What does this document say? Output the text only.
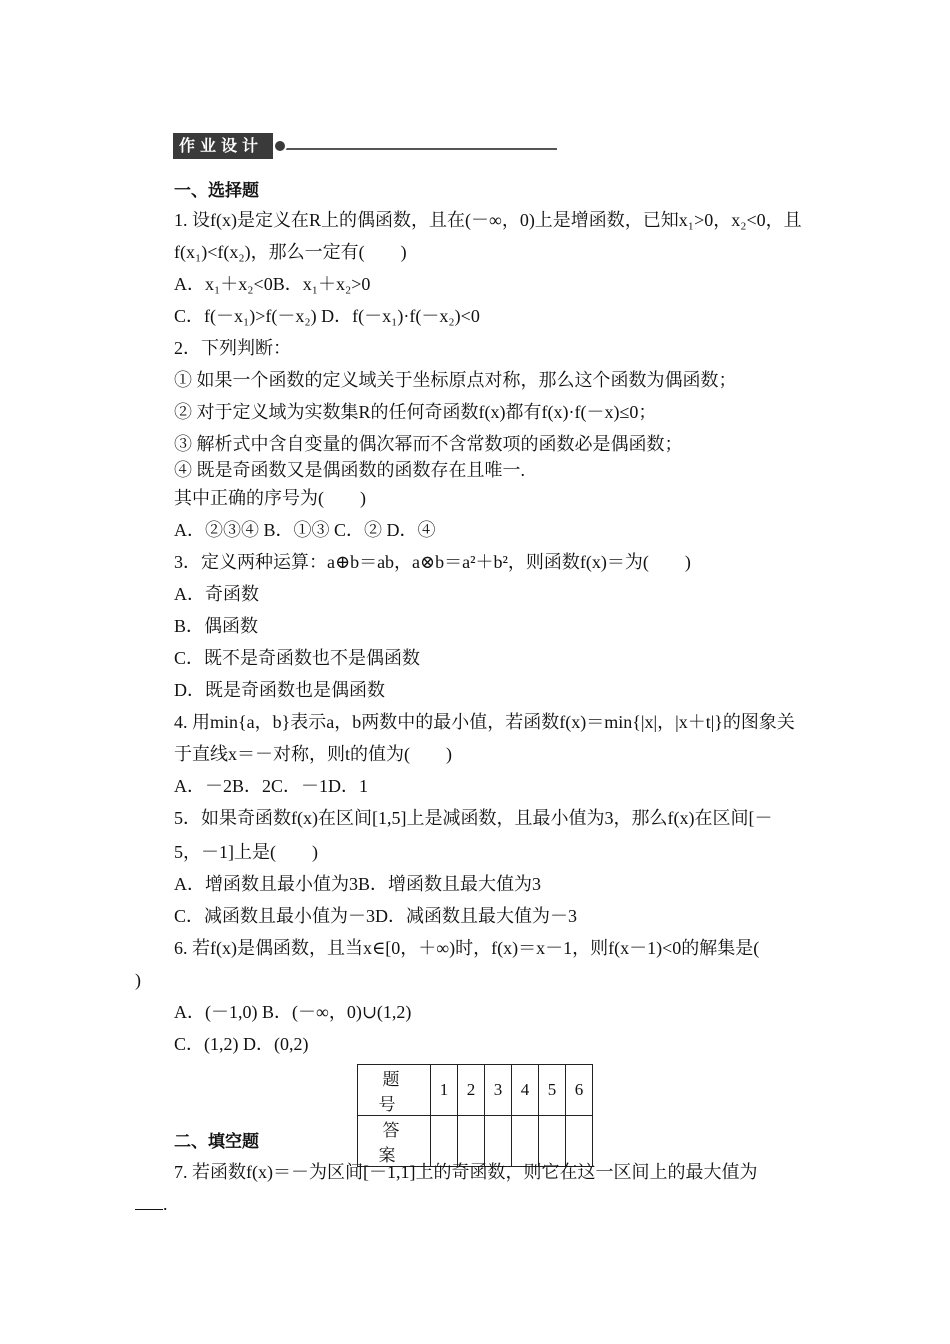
作业设计
一、选择题
1. 设f(x)是定义在R上的偶函数，且在(－∞，0)上是增函数，已知x₁>0，x₂<0，且
f(x₁)<f(x₂)，那么一定有(　　)
A．x₁＋x₂<0B．x₁＋x₂>0
C．f(－x₁)>f(－x₂) D．f(－x₁)·f(－x₂)<0
2．下列判断：
① 如果一个函数的定义域关于坐标原点对称，那么这个函数为偶函数；
② 对于定义域为实数集R的任何奇函数f(x)都有f(x)·f(－x)≤0；
③ 解析式中含自变量的偶次幂而不含常数项的函数必是偶函数；
④ 既是奇函数又是偶函数的函数存在且唯一.
其中正确的序号为(　　)
A．②③④ B．①③ C．② D．④
3．定义两种运算：a⊕b＝ab，a⊗b＝a²＋b²，则函数f(x)＝为(　　)
A．奇函数
B．偶函数
C．既不是奇函数也不是偶函数
D．既是奇函数也是偶函数
4. 用min{a，b}表示a，b两数中的最小值，若函数f(x)＝min{|x|，|x＋t|}的图象关
于直线x＝－对称，则t的值为(　　)
A．－2B．2C．－1D．1
5．如果奇函数f(x)在区间[1,5]上是减函数，且最小值为3，那么f(x)在区间[－
5，－1]上是(　　)
A．增函数且最小值为3B．增函数且最大值为3
C．减函数且最小值为－3D．减函数且最大值为－3
6. 若f(x)是偶函数，且当x∈[0，＋∞)时，f(x)＝x－1，则f(x－1)<0的解集是(
)
A．(－1,0) B．(－∞，0)∪(1,2)
C．(1,2) D．(0,2)
题　号	1	2	3	4	5	6
答　案						
二、填空题
7. 若函数f(x)＝－为区间[－1,1]上的奇函数，则它在这一区间上的最大值为
.
